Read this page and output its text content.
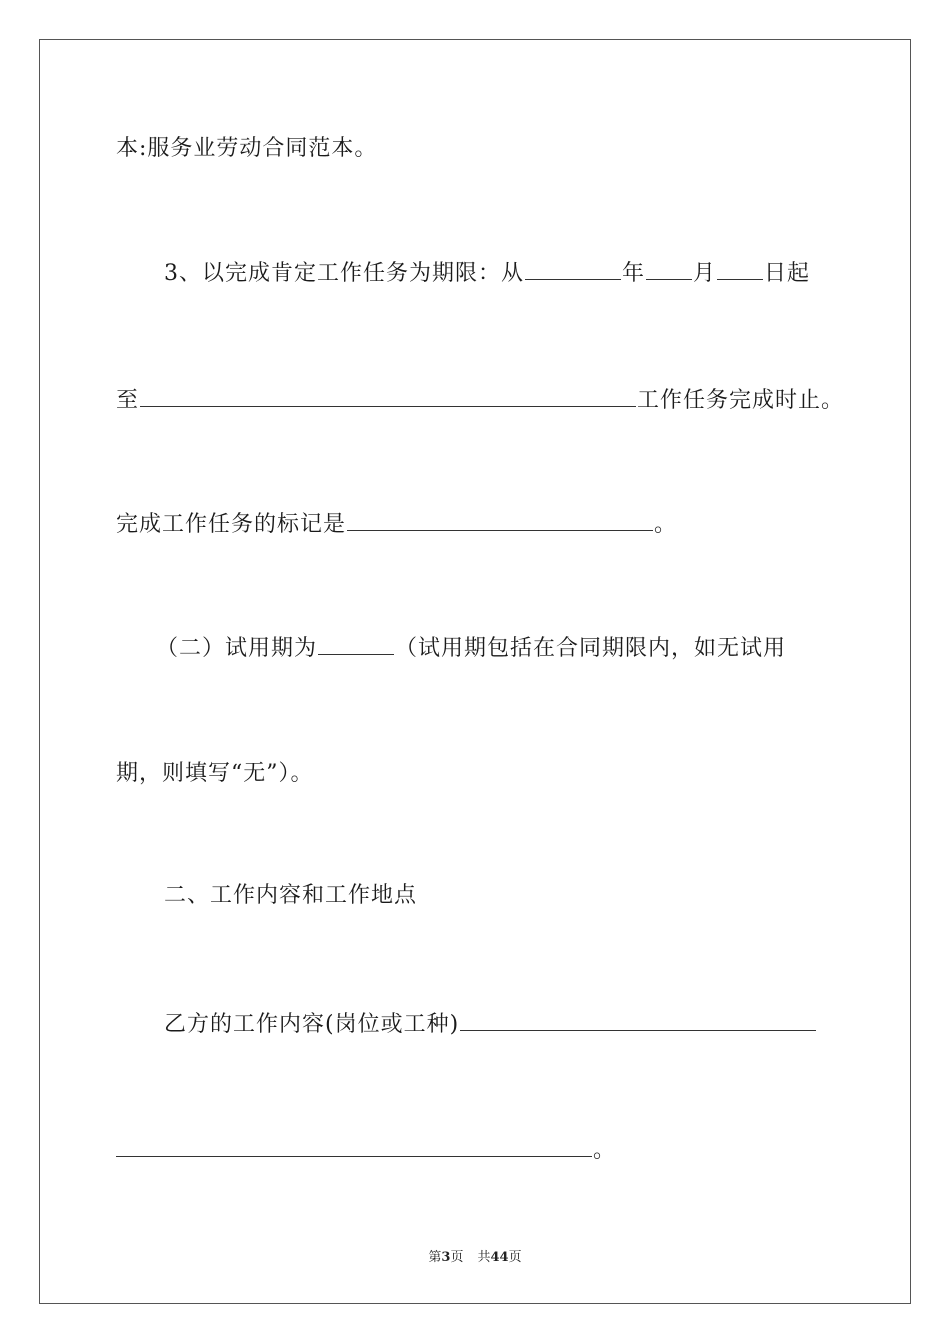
本:服务业劳动合同范本。
3、以完成肯定工作任务为期限：从	年 月 日起
至	工作任务完成时止。
完成工作任务的标记是	。
（二）试用期为	（试用期包括在合同期限内，如无试用
期，则填写“无”）。
二、工作内容和工作地点
乙方的工作内容(岗位或工种)
。
第3页 共44页
